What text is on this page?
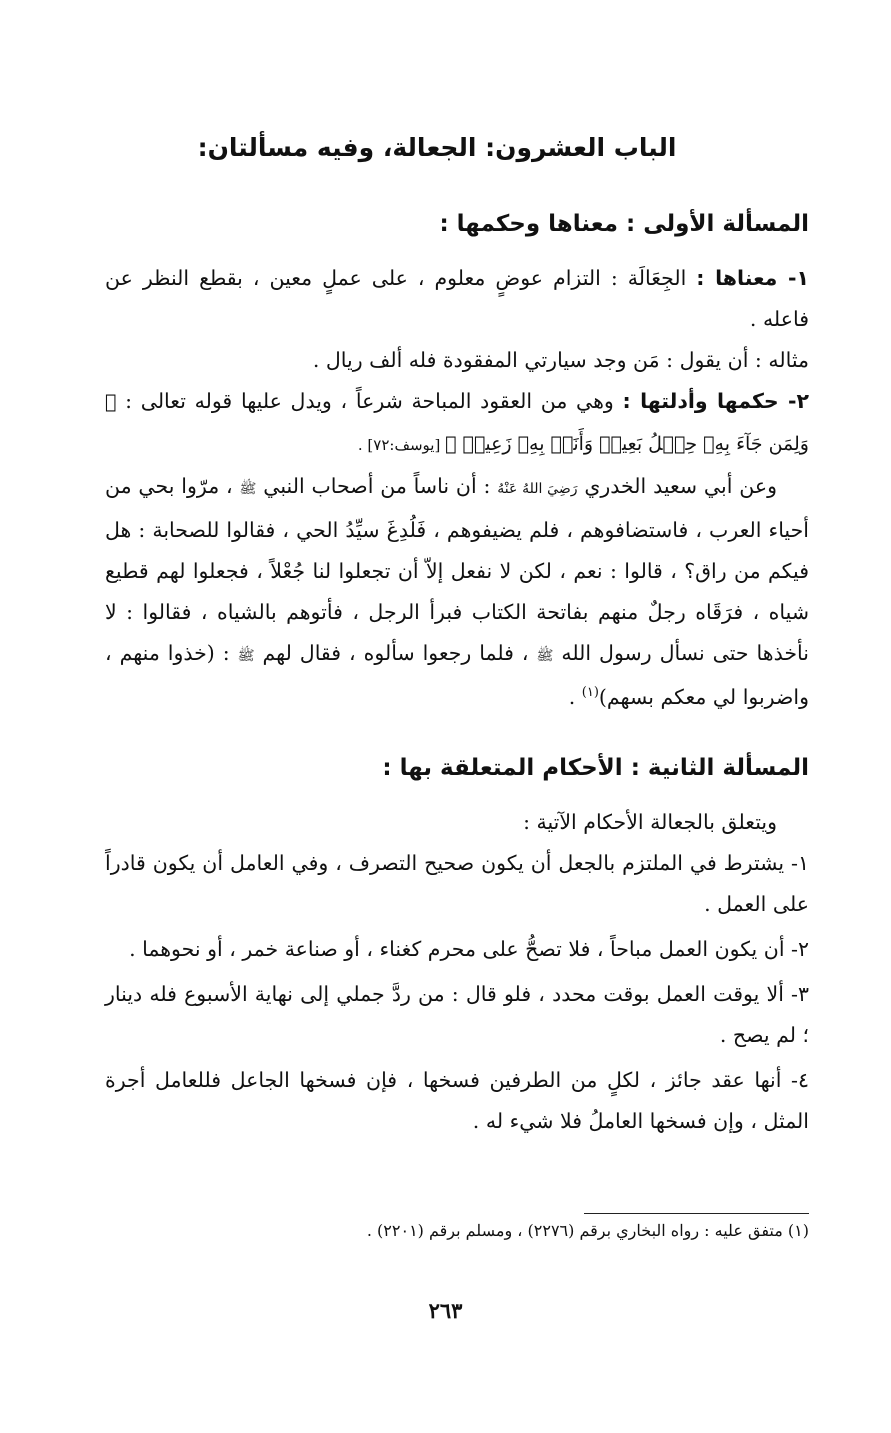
الباب العشرون: الجعالة، وفيه مسألتان:
المسألة الأولى : معناها وحكمها :

١- معناها : الجِعَالَة : التزام عوضٍ معلوم ، على عملٍ معين ، بقطع النظر عن فاعله .

مثاله : أن يقول : مَن وجد سيارتي المفقودة فله ألف ريال .

٢- حكمها وأدلتها : وهي من العقود المباحة شرعاً ، ويدل عليها قوله تعالى : ﴿ وَلِمَن جَآءَ بِهِۦ حِمۡلُ بَعِيرٖ وَأَنَا۠ بِهِۦ زَعِيمٞ ﴾ [يوسف:٧٢] .

وعن أبي سعيد الخدري رَضِيَ اللهُ عَنْهُ : أن ناساً من أصحاب النبي ﷺ ، مرّوا بحي من أحياء العرب ، فاستضافوهم ، فلم يضيفوهم ، فَلُدِغَ سيِّدُ الحي ، فقالوا للصحابة : هل فيكم من راق؟ ، قالوا : نعم ، لكن لا نفعل إلاّ أن تجعلوا لنا جُعْلاً ، فجعلوا لهم قطيع شياه ، فرَقَاه رجلٌ منهم بفاتحة الكتاب فبرأ الرجل ، فأتوهم بالشياه ، فقالوا : لا نأخذها حتى نسأل رسول الله ﷺ ، فلما رجعوا سألوه ، فقال لهم ﷺ : (خذوا منهم ، واضربوا لي معكم بسهم)$^{(١)}$ .

المسألة الثانية : الأحكام المتعلقة بها :

ويتعلق بالجعالة الأحكام الآتية :

١- يشترط في الملتزم بالجعل أن يكون صحيح التصرف ، وفي العامل أن يكون قادراً على العمل .

٢- أن يكون العمل مباحاً ، فلا تصحُّ على محرم كغناء ، أو صناعة خمر ، أو نحوهما .

٣- ألا يوقت العمل بوقت محدد ، فلو قال : من ردَّ جملي إلى نهاية الأسبوع فله دينار ؛ لم يصح .

٤- أنها عقد جائز ، لكلٍ من الطرفين فسخها ، فإن فسخها الجاعل فللعامل أجرة المثل ، وإن فسخها العاملُ فلا شيء له .

(١) متفق عليه : رواه البخاري برقم (٢٢٧٦) ، ومسلم برقم (٢٢٠١) .
٢٦٣
